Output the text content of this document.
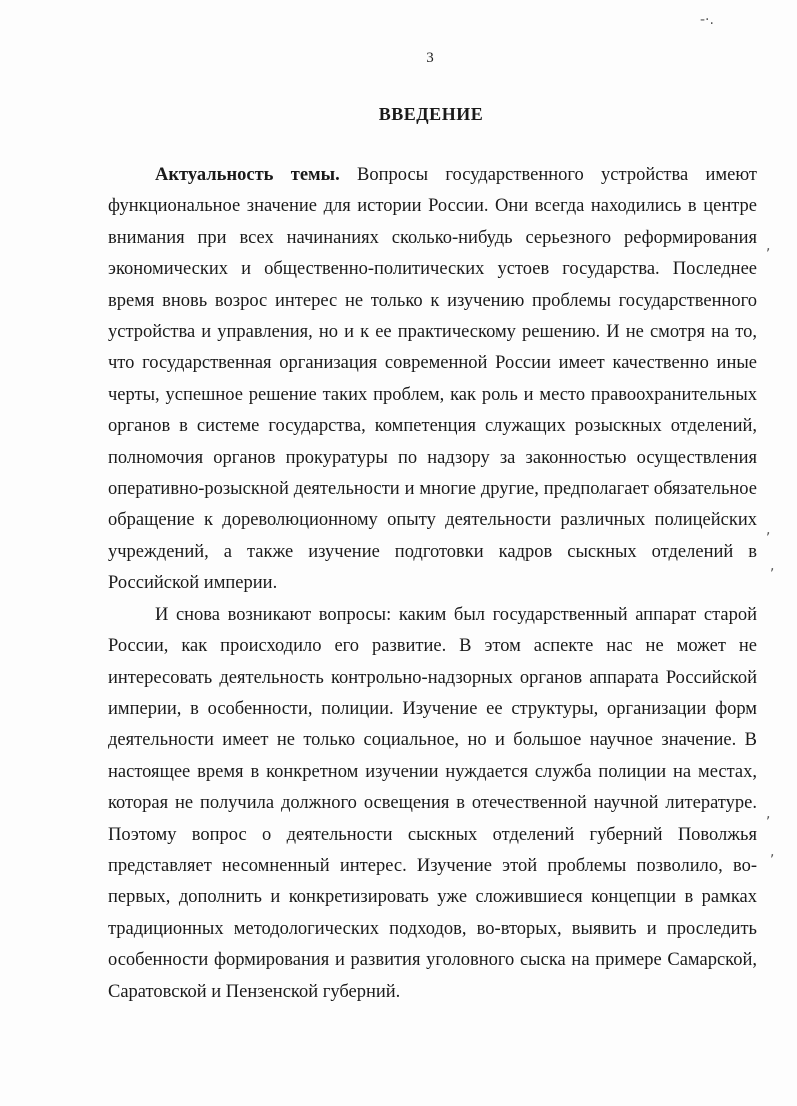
3
ВВЕДЕНИЕ

Актуальность темы. Вопросы государственного устройства имеют функциональное значение для истории России. Они всегда находились в центре внимания при всех начинаниях сколько-нибудь серьезного реформирования экономических и общественно-политических устоев государства. Последнее время вновь возрос интерес не только к изучению проблемы государственного устройства и управления, но и к ее практическому решению. И не смотря на то, что государственная организация современной России имеет качественно иные черты, успешное решение таких проблем, как роль и место правоохранительных органов в системе государства, компетенция служащих розыскных отделений, полномочия органов прокуратуры по надзору за законностью осуществления оперативно-розыскной деятельности и многие другие, предполагает обязательное обращение к дореволюционному опыту деятельности различных полицейских учреждений, а также изучение подготовки кадров сыскных отделений в Российской империи.

И снова возникают вопросы: каким был государственный аппарат старой России, как происходило его развитие. В этом аспекте нас не может не интересовать деятельность контрольно-надзорных органов аппарата Российской империи, в особенности, полиции. Изучение ее структуры, организации форм деятельности имеет не только социальное, но и большое научное значение. В настоящее время в конкретном изучении нуждается служба полиции на местах, которая не получила должного освещения в отечественной научной литературе. Поэтому вопрос о деятельности сыскных отделений губерний Поволжья представляет несомненный интерес. Изучение этой проблемы позволило, во-первых, дополнить и конкретизировать уже сложившиеся концепции в рамках традиционных методологических подходов, во-вторых, выявить и проследить особенности формирования и развития уголовного сыска на примере Самарской, Саратовской и Пензенской губерний.

-·.
,
,
,
,
,
